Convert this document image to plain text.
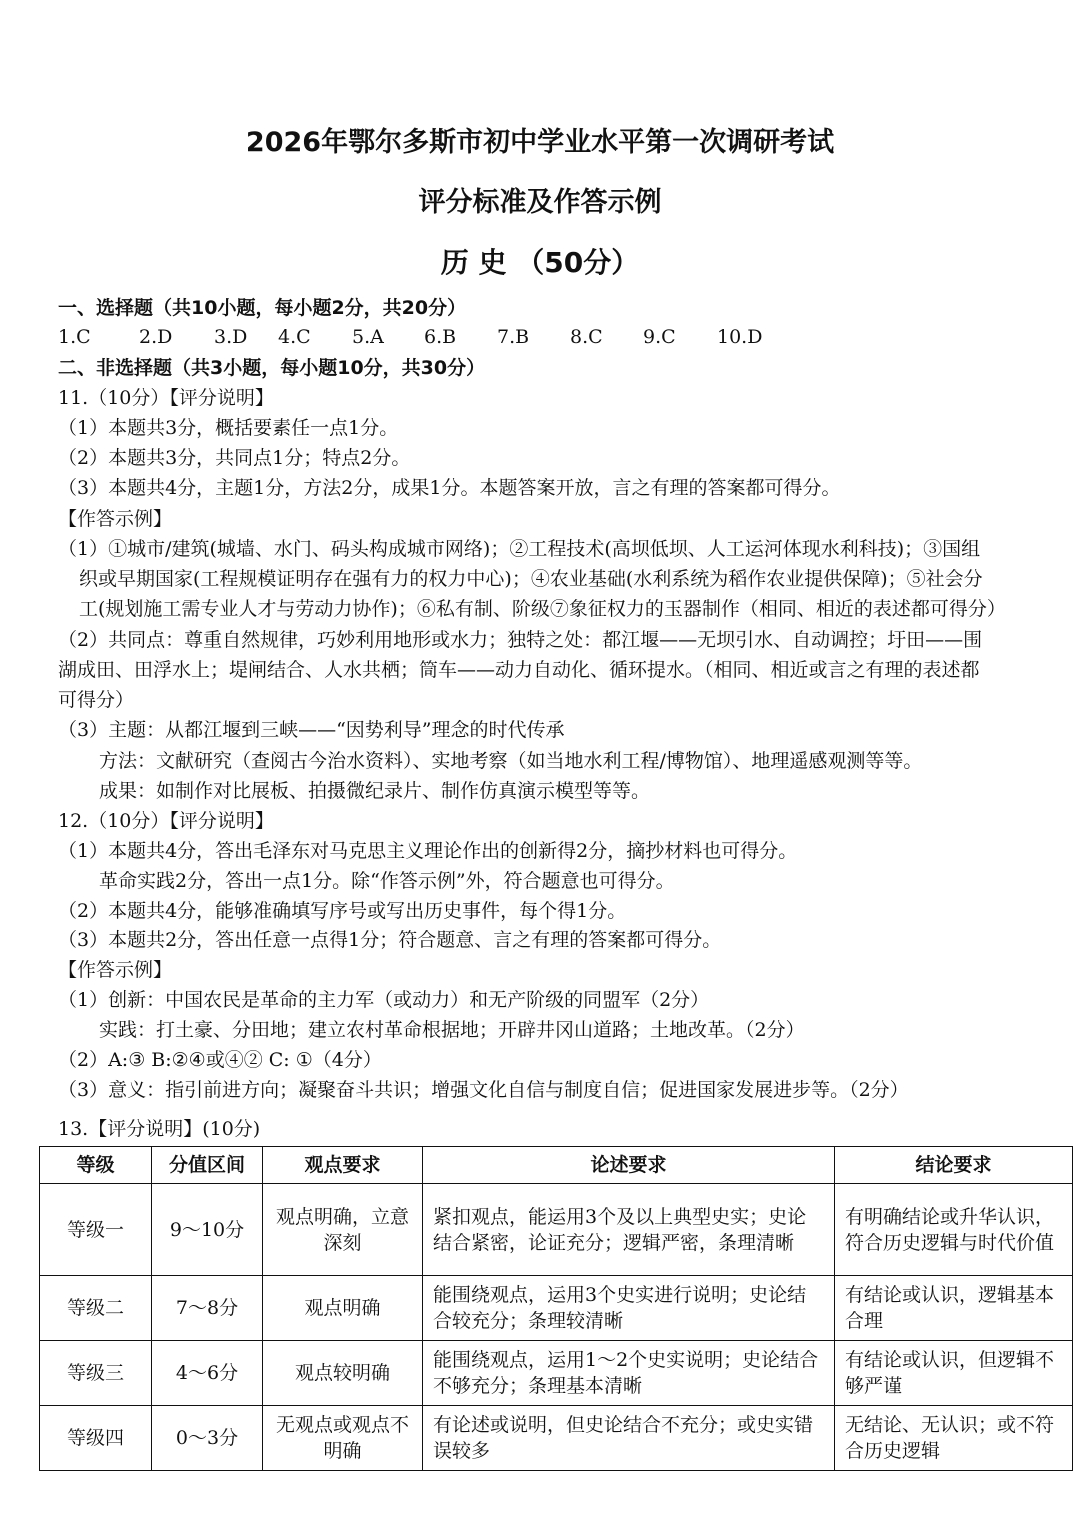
2026年鄂尔多斯市初中学业水平第一次调研考试
评分标准及作答示例
历 史 （50分）
一、选择题（共10小题，每小题2分，共20分）
1.C	2.D 3.D 4.C 5.A 6.B 7.B 8.C 9.C 10.D
二、非选择题（共3小题，每小题10分，共30分）
11.（10分）【评分说明】
（1）本题共3分，概括要素任一点1分。
（2）本题共3分，共同点1分；特点2分。
（3）本题共4分，主题1分，方法2分，成果1分。本题答案开放，言之有理的答案都可得分。
【作答示例】
（1）①城市/建筑(城墙、水门、码头构成城市网络)；②工程技术(高坝低坝、人工运河体现水利科技)；③国组
织或早期国家(工程规模证明存在强有力的权力中心)；④农业基础(水利系统为稻作农业提供保障)；⑤社会分
工(规划施工需专业人才与劳动力协作)；⑥私有制、阶级⑦象征权力的玉器制作（相同、相近的表述都可得分）
（2）共同点：尊重自然规律，巧妙利用地形或水力；独特之处：都江堰——无坝引水、自动调控；圩田——围
湖成田、田浮水上；堤闸结合、人水共栖；筒车——动力自动化、循环提水。（相同、相近或言之有理的表述都
可得分）
（3）主题：从都江堰到三峡——“因势利导”理念的时代传承
方法：文献研究（查阅古今治水资料）、实地考察（如当地水利工程/博物馆）、地理遥感观测等等。
成果：如制作对比展板、拍摄微纪录片、制作仿真演示模型等等。
12.（10分）【评分说明】
（1）本题共4分，答出毛泽东对马克思主义理论作出的创新得2分，摘抄材料也可得分。
革命实践2分，答出一点1分。除“作答示例”外，符合题意也可得分。
（2）本题共4分，能够准确填写序号或写出历史事件，每个得1分。
（3）本题共2分，答出任意一点得1分；符合题意、言之有理的答案都可得分。
【作答示例】
（1）创新：中国农民是革命的主力军（或动力）和无产阶级的同盟军（2分）
实践：打土豪、分田地；建立农村革命根据地；开辟井冈山道路；土地改革。（2分）
（2）A:③ B:②④或④② C: ①（4分）
（3）意义：指引前进方向；凝聚奋斗共识；增强文化自信与制度自信；促进国家发展进步等。（2分）
13.【评分说明】(10分)
等级	分值区间	观点要求	论述要求	结论要求
等级一	9～10分	观点明确，立意深刻	紧扣观点，能运用3个及以上典型史实；史论结合紧密，论证充分；逻辑严密，条理清晰	有明确结论或升华认识，符合历史逻辑与时代价值
等级二	7～8分	观点明确	能围绕观点，运用3个史实进行说明；史论结合较充分；条理较清晰	有结论或认识，逻辑基本合理
等级三	4～6分	观点较明确	能围绕观点，运用1～2个史实说明；史论结合不够充分；条理基本清晰	有结论或认识，但逻辑不够严谨
等级四	0～3分	无观点或观点不明确	有论述或说明，但史论结合不充分；或史实错误较多	无结论、无认识；或不符合历史逻辑
